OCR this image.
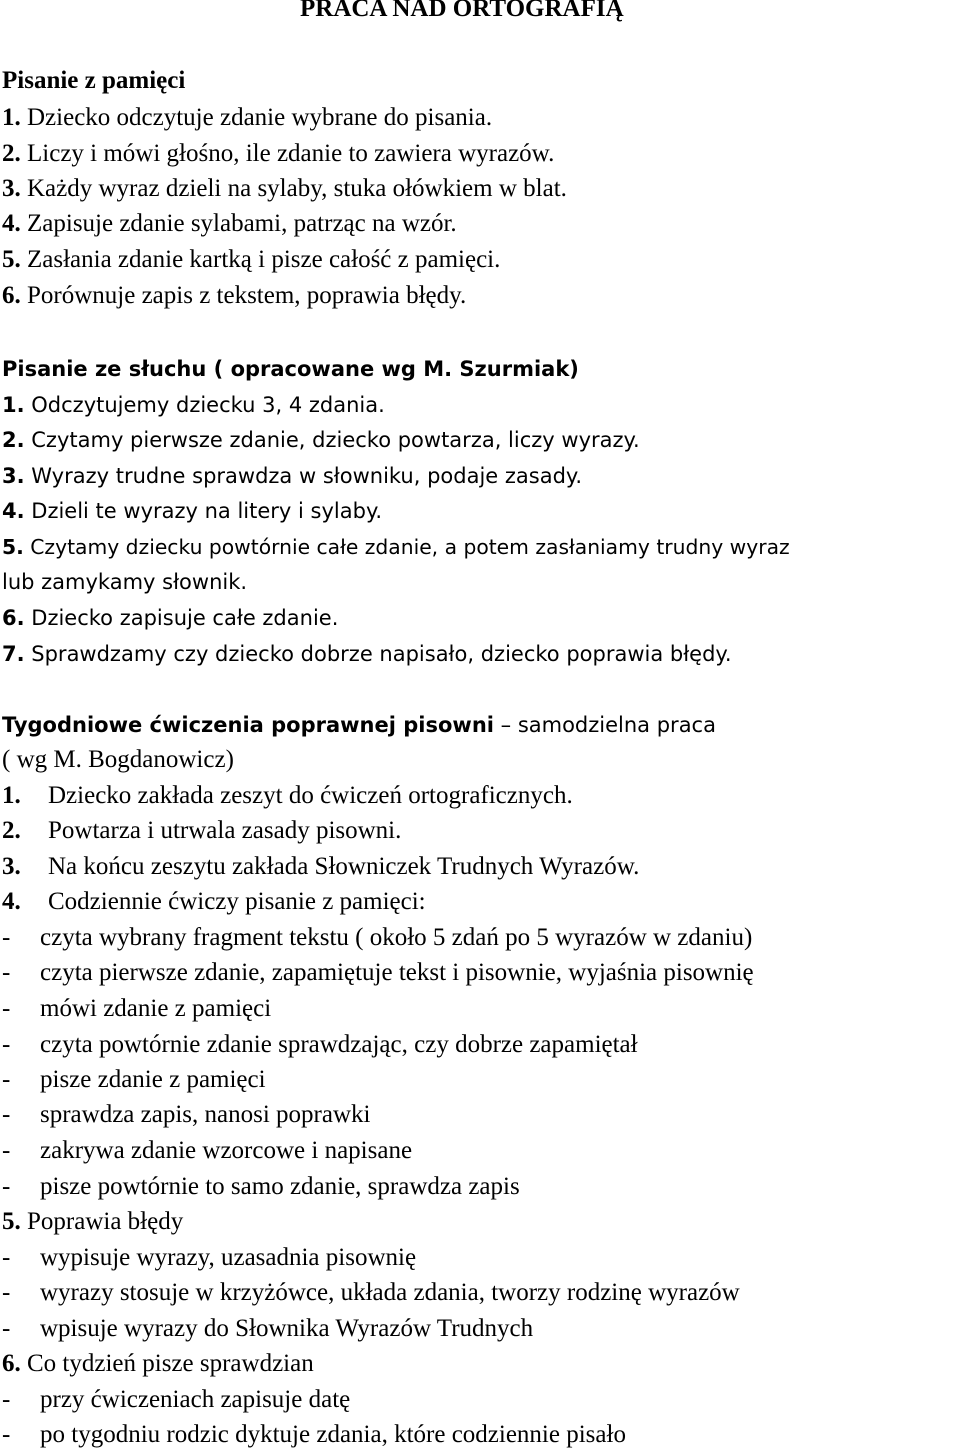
PRACA NAD ORTOGRAFIĄ
Pisanie z pamięci
1. Dziecko odczytuje zdanie wybrane do pisania.
2. Liczy i mówi głośno, ile zdanie to zawiera wyrazów.
3. Każdy wyraz dzieli na sylaby, stuka ołówkiem w blat.
4. Zapisuje zdanie sylabami, patrząc na wzór.
5. Zasłania zdanie kartką i pisze całość z pamięci.
6. Porównuje zapis z tekstem, poprawia błędy.
Pisanie ze słuchu ( opracowane wg M. Szurmiak)
1. Odczytujemy dziecku 3, 4 zdania.
2. Czytamy pierwsze zdanie, dziecko powtarza, liczy wyrazy.
3. Wyrazy trudne sprawdza w słowniku, podaje zasady.
4. Dzieli te wyrazy na litery i sylaby.
5. Czytamy dziecku powtórnie całe zdanie, a potem zasłaniamy trudny wyraz
lub zamykamy słownik.
6. Dziecko zapisuje całe zdanie.
7. Sprawdzamy czy dziecko dobrze napisało, dziecko poprawia błędy.
Tygodniowe ćwiczenia poprawnej pisowni – samodzielna praca
( wg M. Bogdanowicz)
1. Dziecko zakłada zeszyt do ćwiczeń ortograficznych.
2. Powtarza i utrwala zasady pisowni.
3. Na końcu zeszytu zakłada Słowniczek Trudnych Wyrazów.
4. Codziennie ćwiczy pisanie z pamięci:
- czyta wybrany fragment tekstu ( około 5 zdań po 5 wyrazów w zdaniu)
- czyta pierwsze zdanie, zapamiętuje tekst i pisownie, wyjaśnia pisownię
- mówi zdanie z pamięci
- czyta powtórnie zdanie sprawdzając, czy dobrze zapamiętał
- pisze zdanie z pamięci
- sprawdza zapis, nanosi poprawki
- zakrywa zdanie wzorcowe i napisane
- pisze powtórnie to samo zdanie, sprawdza zapis
5. Poprawia błędy
- wypisuje wyrazy, uzasadnia pisownię
- wyrazy stosuje w krzyżówce, układa zdania, tworzy rodzinę wyrazów
- wpisuje wyrazy do Słownika Wyrazów Trudnych
6. Co tydzień pisze sprawdzian
- przy ćwiczeniach zapisuje datę
- po tygodniu rodzic dyktuje zdania, które codziennie pisało
